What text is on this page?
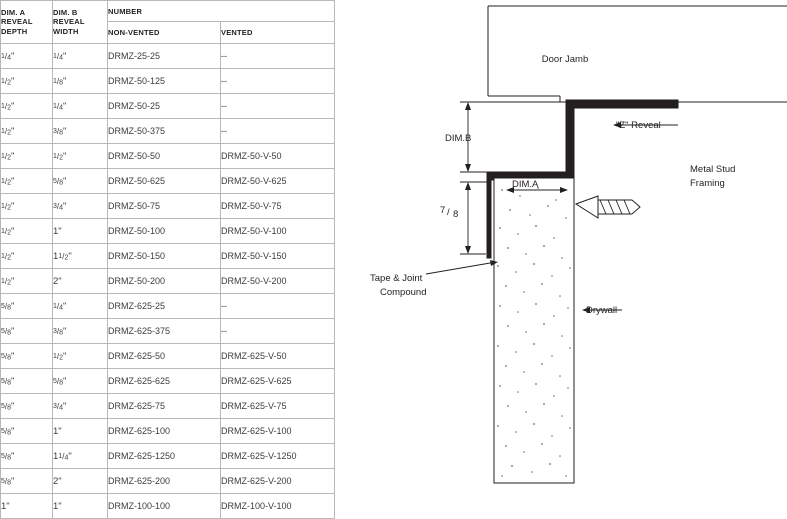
DIM. A
REVEAL
DEPTH

DIM. B
REVEAL
WIDTH
	NUMBER
		NON-VENTED	VENTED
1/4"	1/4"	DRMZ-25-25	--
1/2"	1/8"	DRMZ-50-125	--
1/2"	1/4"	DRMZ-50-25	--
1/2"	3/8"	DRMZ-50-375	--
1/2"	1/2"	DRMZ-50-50	DRMZ-50-V-50
1/2"	5/8"	DRMZ-50-625	DRMZ-50-V-625
1/2"	3/4"	DRMZ-50-75	DRMZ-50-V-75
1/2"	1"	DRMZ-50-100	DRMZ-50-V-100
1/2"	11/2"	DRMZ-50-150	DRMZ-50-V-150
1/2"	2"	DRMZ-50-200	DRMZ-50-V-200
5/8"	1/4"	DRMZ-625-25	--
5/8"	3/8"	DRMZ-625-375	--
5/8"	1/2"	DRMZ-625-50	DRMZ-625-V-50
5/8"	5/8"	DRMZ-625-625	DRMZ-625-V-625
5/8"	3/4"	DRMZ-625-75	DRMZ-625-V-75
5/8"	1"	DRMZ-625-100	DRMZ-625-V-100
5/8"	11/4"	DRMZ-625-1250	DRMZ-625-V-1250
5/8"	2"	DRMZ-625-200	DRMZ-625-V-200
1"	1"	DRMZ-100-100	DRMZ-100-V-100
DIM.B
7 / 8
DIM.A
Door Jamb
"Z" Reveal
Metal Stud
Framing
Tape & Joint
Compound
Drywall
